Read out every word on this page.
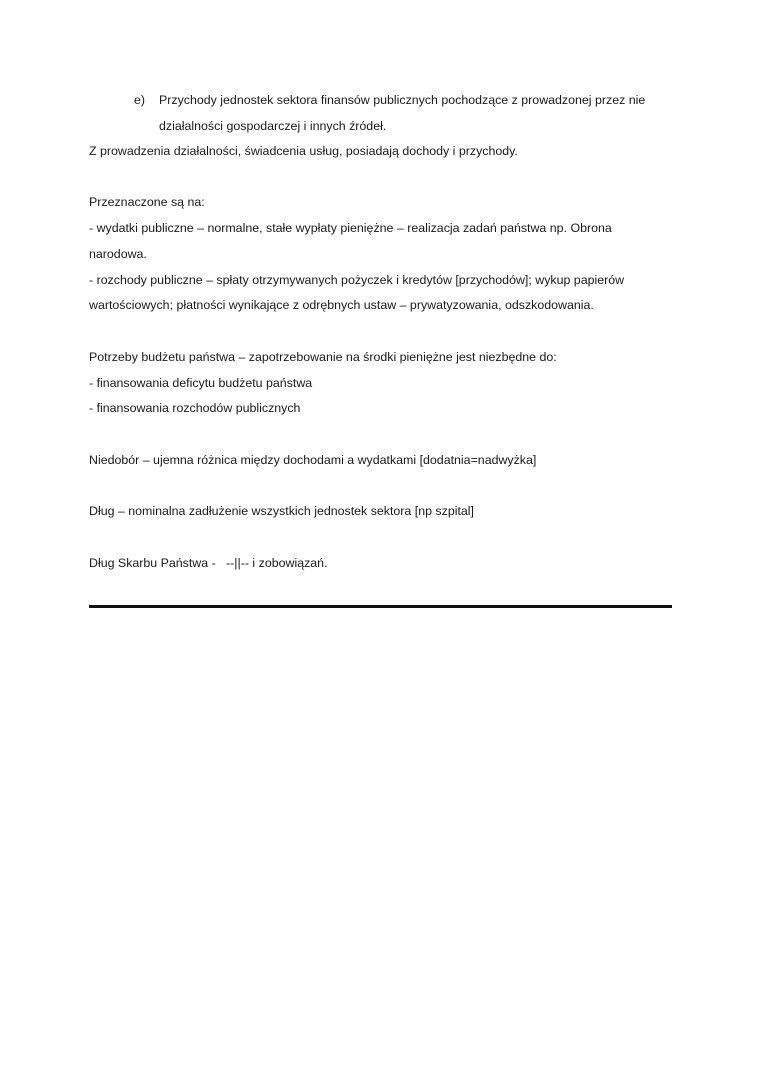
e) Przychody jednostek sektora finansów publicznych pochodzące z prowadzonej przez nie
działalności gospodarczej i innych źródeł.
Z prowadzenia działalności, świadcenia usług, posiadają dochody i przychody.
Przeznaczone są na:
- wydatki publiczne – normalne, stałe wypłaty pieniężne – realizacja zadań państwa np. Obrona
narodowa.
- rozchody publiczne – spłaty otrzymywanych pożyczek i kredytów [przychodów]; wykup papierów
wartościowych; płatności wynikające z odrębnych ustaw – prywatyzowania, odszkodowania.
Potrzeby budżetu państwa – zapotrzebowanie na środki pieniężne jest niezbędne do:
- finansowania deficytu budżetu państwa
- finansowania rozchodów publicznych
Niedobór – ujemna różnica między dochodami a wydatkami [dodatnia=nadwyżka]
Dług – nominalna zadłużenie wszystkich jednostek sektora [np szpital]
Dług Skarbu Państwa -   --||-- i zobowiązań.
